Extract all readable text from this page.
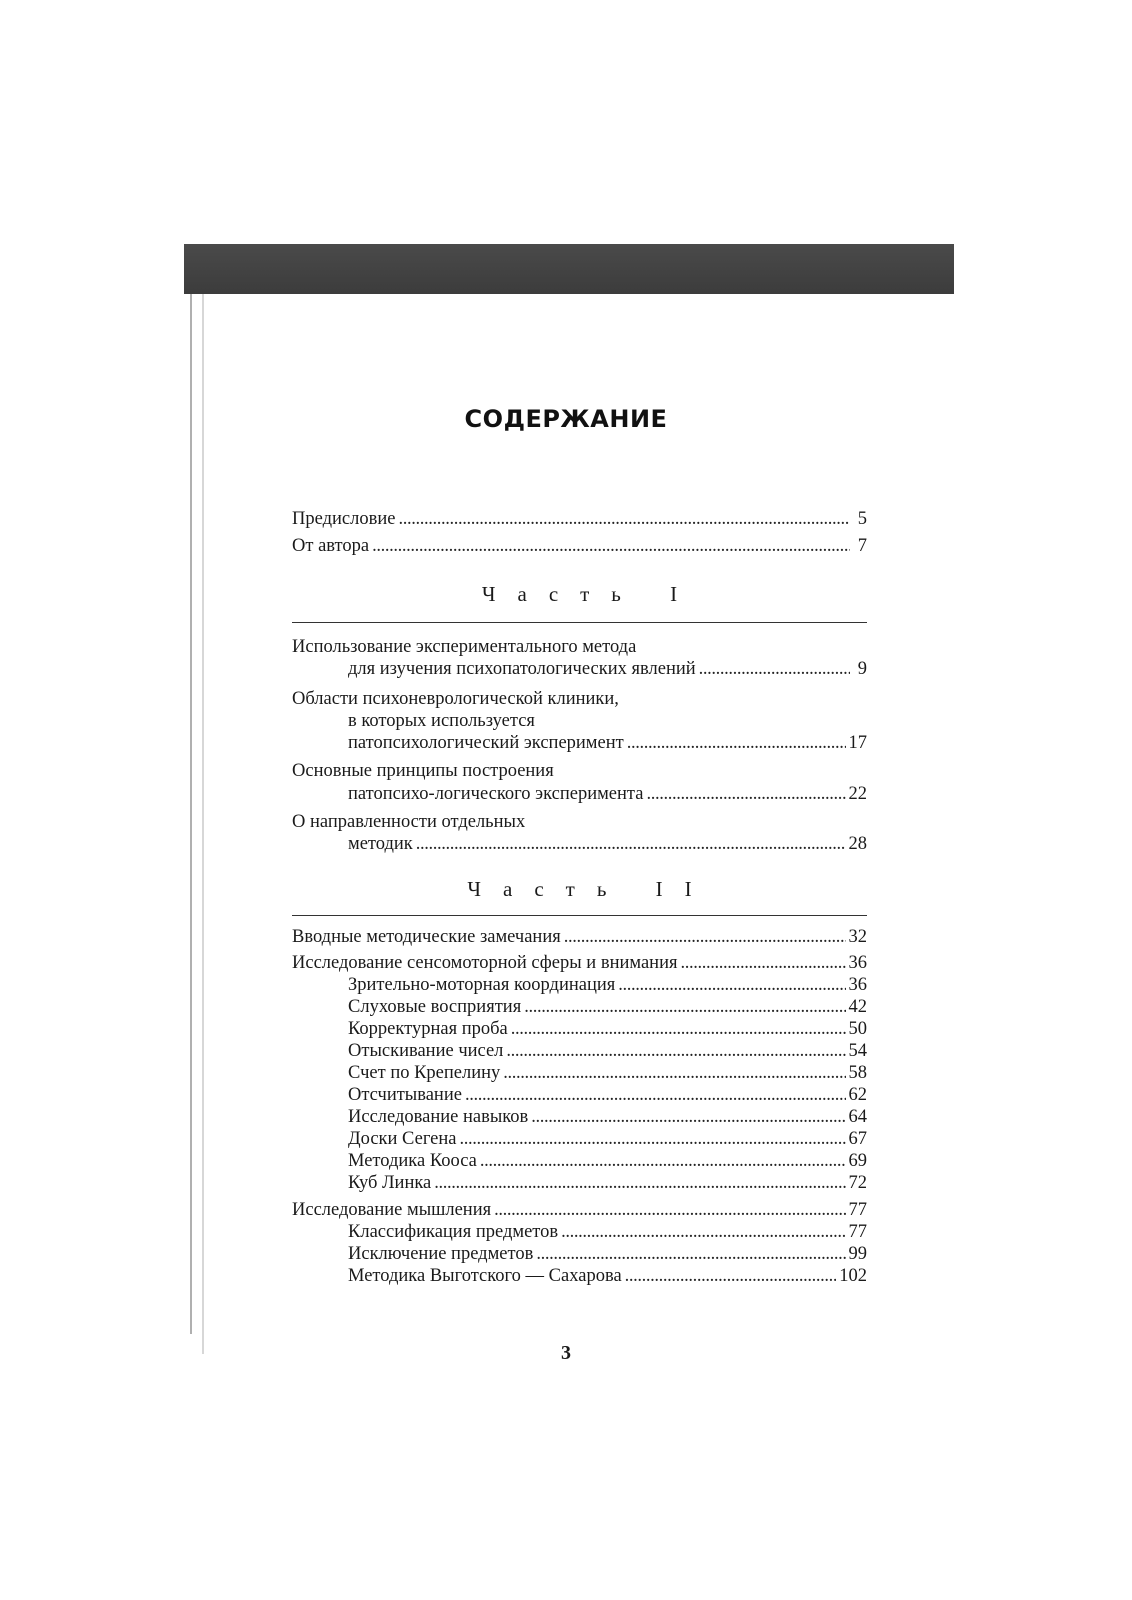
СОДЕРЖАНИЕ
Предисловие . . .	5
От автора . . .	7
Часть I
Использование экспериментального метода
для изучения психопатологических явлений . . .	9
Области психоневрологической клиники,
в которых используется
патопсихологический эксперимент . . .	17
Основные принципы построения
патопсихо-логического эксперимента . . .	22
О направленности отдельных
методик . . .	28
Часть II
Вводные методические замечания . . .	32
Исследование сенсомоторной сферы и внимания . . .	36
Зрительно-моторная координация . . .	36
Слуховые восприятия . . .	42
Корректурная проба . . .	50
Отыскивание чисел . . .	54
Счет по Крепелину . . .	58
Отсчитывание . . .	62
Исследование навыков . . .	64
Доски Сегена . . .	67
Методика Кооса . . .	69
Куб Линка . . .	72
Исследование мышления . . .	77
Классификация предметов . . .	77
Исключение предметов . . .	99
Методика Выготского — Сахарова . . .	102
3
